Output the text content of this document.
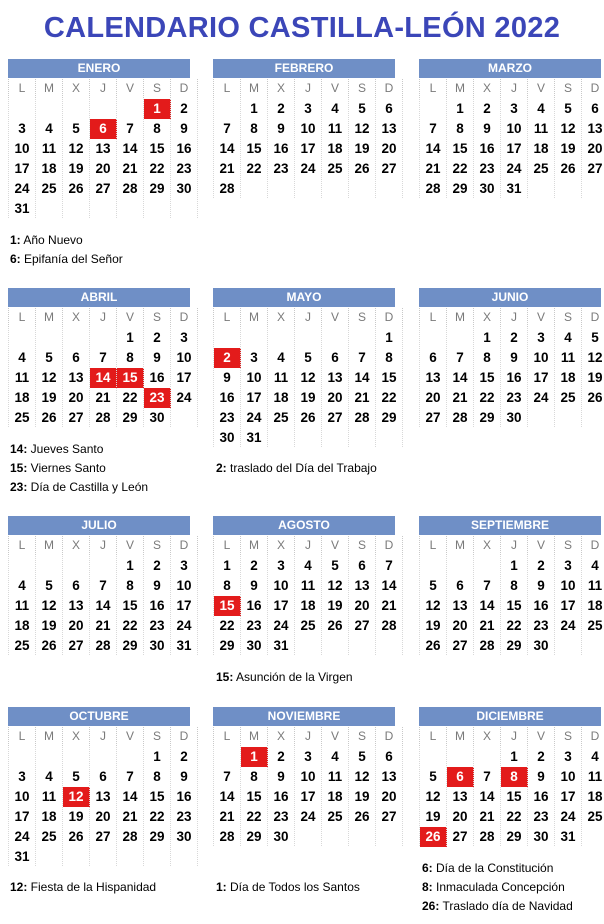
CALENDARIO CASTILLA-LEÓN 2022
ENERO
L	M	X	J	V	S	D
					1	2
3	4	5	6	7	8	9
10	11	12	13	14	15	16
17	18	19	20	21	22	23
24	25	26	27	28	29	30
31						
FEBRERO
L	M	X	J	V	S	D
	1	2	3	4	5	6
7	8	9	10	11	12	13
14	15	16	17	18	19	20
21	22	23	24	25	26	27
28						
MARZO
L	M	X	J	V	S	D
	1	2	3	4	5	6
7	8	9	10	11	12	13
14	15	16	17	18	19	20
21	22	23	24	25	26	27
28	29	30	31			
ABRIL
L	M	X	J	V	S	D
				1	2	3
4	5	6	7	8	9	10
11	12	13	14	15	16	17
18	19	20	21	22	23	24
25	26	27	28	29	30	
MAYO
L	M	X	J	V	S	D
						1
2	3	4	5	6	7	8
9	10	11	12	13	14	15
16	17	18	19	20	21	22
23	24	25	26	27	28	29
30	31					
JUNIO
L	M	X	J	V	S	D
		1	2	3	4	5
6	7	8	9	10	11	12
13	14	15	16	17	18	19
20	21	22	23	24	25	26
27	28	29	30			
JULIO
L	M	X	J	V	S	D
				1	2	3
4	5	6	7	8	9	10
11	12	13	14	15	16	17
18	19	20	21	22	23	24
25	26	27	28	29	30	31
AGOSTO
L	M	X	J	V	S	D
1	2	3	4	5	6	7
8	9	10	11	12	13	14
15	16	17	18	19	20	21
22	23	24	25	26	27	28
29	30	31				
SEPTIEMBRE
L	M	X	J	V	S	D
			1	2	3	4
5	6	7	8	9	10	11
12	13	14	15	16	17	18
19	20	21	22	23	24	25
26	27	28	29	30		
OCTUBRE
L	M	X	J	V	S	D
					1	2
3	4	5	6	7	8	9
10	11	12	13	14	15	16
17	18	19	20	21	22	23
24	25	26	27	28	29	30
31						
NOVIEMBRE
L	M	X	J	V	S	D
	1	2	3	4	5	6
7	8	9	10	11	12	13
14	15	16	17	18	19	20
21	22	23	24	25	26	27
28	29	30				
DICIEMBRE
L	M	X	J	V	S	D
			1	2	3	4
5	6	7	8	9	10	11
12	13	14	15	16	17	18
19	20	21	22	23	24	25
26	27	28	29	30	31	
1: Año Nuevo
6: Epifanía del Señor
14: Jueves Santo
15: Viernes Santo
23: Día de Castilla y León
2: traslado del Día del Trabajo
15: Asunción de la Virgen
12: Fiesta de la Hispanidad	1: Día de Todos los Santos
6: Día de la Constitución
8: Inmaculada Concepción
26: Traslado día de Navidad
